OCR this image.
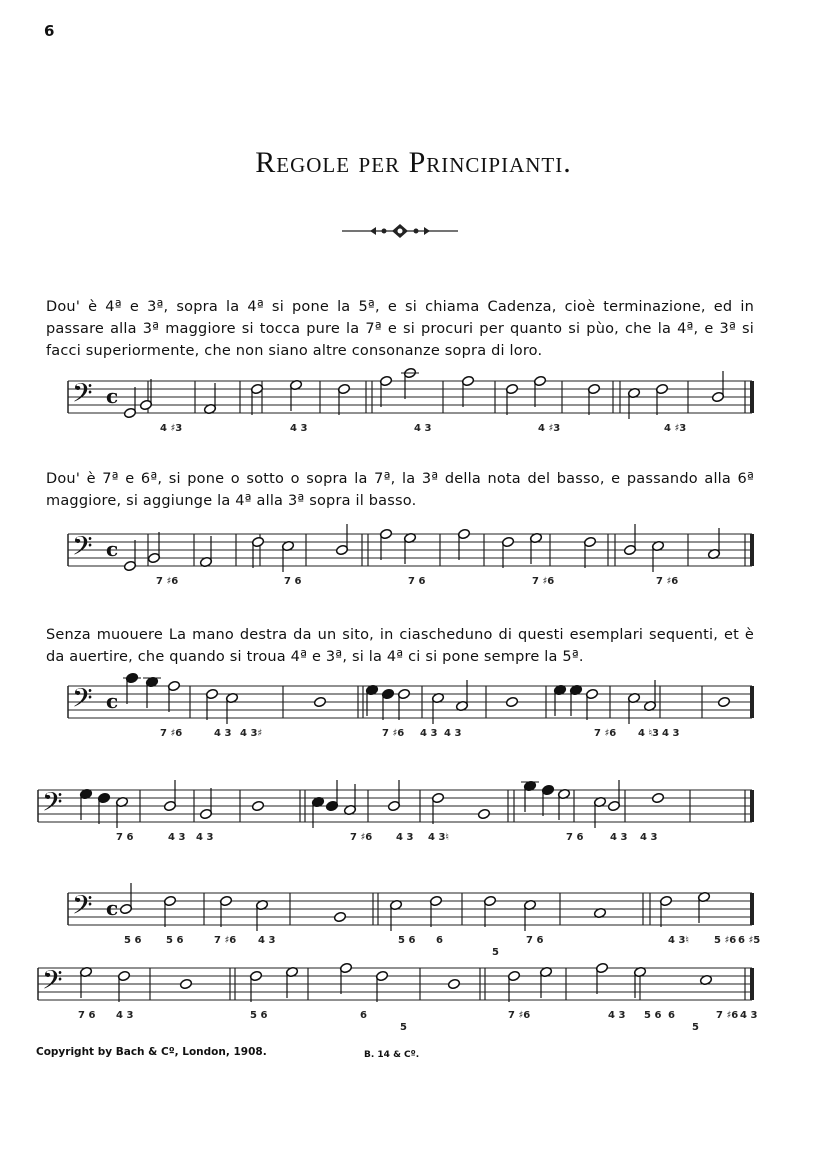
6
Regole per Principianti.
Dou' è 4ª e 3ª, sopra la 4ª si pone la 5ª, e si chiama Cadenza, cioè terminazione, ed in passare alla 3ª maggiore si tocca pure la 7ª e si procuri per quanto si pùo, che la 4ª, e 3ª si facci superiormente, che non siano altre consonanze sopra di loro.
Dou' è 7ª e 6ª, si pone o sotto o sopra la 7ª, la 3ª della nota del basso, e passando alla 6ª maggiore, si aggiunge la 4ª alla 3ª sopra il basso.
Senza muouere La mano destra da un sito, in ciascheduno di questi esemplari sequenti, et è da auertire, che quando si troua 4ª e 3ª, si la 4ª ci si pone sempre la 5ª.
𝄢 c
4 ♯3	4 3	4 3	4 ♯3	4 ♯3
𝄢 c
7 ♯6	7 6	7 6	7 ♯6	7 ♯6
𝄢 c
7 ♯6	4 3 4 3♯	7 ♯6 4 3 4 3	7 ♯6 4 ♮3 4 3
𝄢
7 6	4 3 4 3	7 ♯6 4 3 4 3♮	7 6	4 3 4 3
𝄢 c
5 6 5 6	7 ♯6 4 3	5 6 6
5
7 6	4 3♮	5 ♯6 6 ♯5
𝄢
7 6 4 3	5 6	6
5
7 ♯6	4 3 5 6 6
5
7 ♯6 4 3
Copyright by Bach & Cº, London, 1908.	B. 14 & Cº.
